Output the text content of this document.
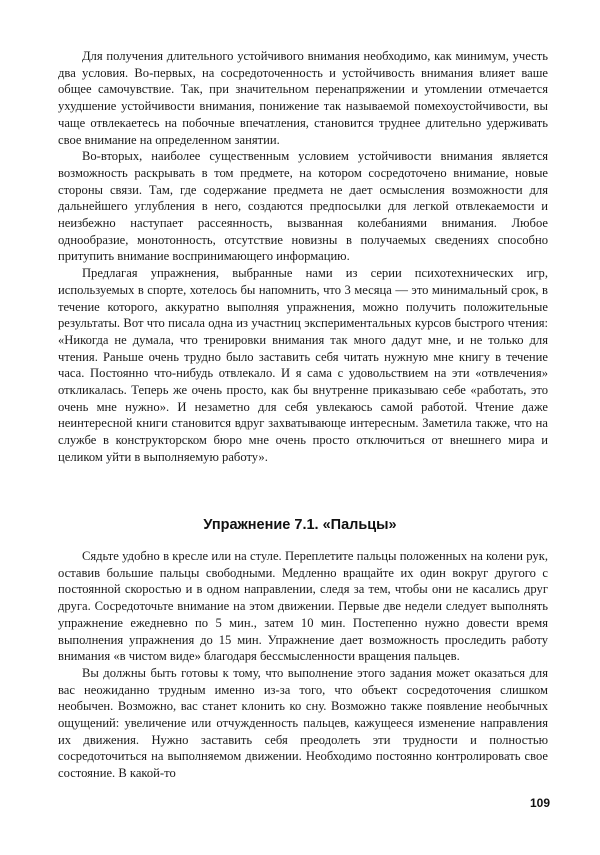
Для получения длительного устойчивого внимания необходимо, как минимум, учесть два условия. Во-первых, на сосредоточенность и устойчивость внимания влияет ваше общее самочувствие. Так, при значительном перенапряжении и утомлении отмечается ухудшение устойчивости внимания, понижение так называемой помехоустойчивости, вы чаще отвлекаетесь на побочные впечатления, становится труднее длительно удерживать свое внимание на определенном занятии.

Во-вторых, наиболее существенным условием устойчивости внимания является возможность раскрывать в том предмете, на котором сосредоточено внимание, новые стороны связи. Там, где содержание предмета не дает осмысления возможности для дальнейшего углубления в него, создаются предпосылки для легкой отвлекаемости и неизбежно наступает рассеянность, вызванная колебаниями внимания. Любое однообразие, монотонность, отсутствие новизны в получаемых сведениях способно притупить внимание воспринимающего информацию.

Предлагая упражнения, выбранные нами из серии психотехнических игр, используемых в спорте, хотелось бы напомнить, что 3 месяца — это минимальный срок, в течение которого, аккуратно выполняя упражнения, можно получить положительные результаты. Вот что писала одна из участниц экспериментальных курсов быстрого чтения: «Никогда не думала, что тренировки внимания так много дадут мне, и не только для чтения. Раньше очень трудно было заставить себя читать нужную мне книгу в течение часа. Постоянно что-нибудь отвлекало. И я сама с удовольствием на эти «отвлечения» откликалась. Теперь же очень просто, как бы внутренне приказываю себе «работать, это очень мне нужно». И незаметно для себя увлекаюсь самой работой. Чтение даже неинтересной книги становится вдруг захватывающе интересным. Заметила также, что на службе в конструкторском бюро мне очень просто отключиться от внешнего мира и целиком уйти в выполняемую работу».

Упражнение 7.1. «Пальцы»

Сядьте удобно в кресле или на стуле. Переплетите пальцы положенных на колени рук, оставив большие пальцы свободными. Медленно вращайте их один вокруг другого с постоянной скоростью и в одном направлении, следя за тем, чтобы они не касались друг друга. Сосредоточьте внимание на этом движении. Первые две недели следует выполнять упражнение ежедневно по 5 мин., затем 10 мин. Постепенно нужно довести время выполнения упражнения до 15 мин. Упражнение дает возможность проследить работу внимания «в чистом виде» благодаря бессмысленности вращения пальцев.

Вы должны быть готовы к тому, что выполнение этого задания может оказаться для вас неожиданно трудным именно из-за того, что объект сосредоточения слишком необычен. Возможно, вас станет клонить ко сну. Возможно также появление необычных ощущений: увеличение или отчужденность пальцев, кажущееся изменение направления их движения. Нужно заставить себя преодолеть эти трудности и полностью сосредоточиться на выполняемом движении. Необходимо постоянно контролировать свое состояние. В какой-то

109
